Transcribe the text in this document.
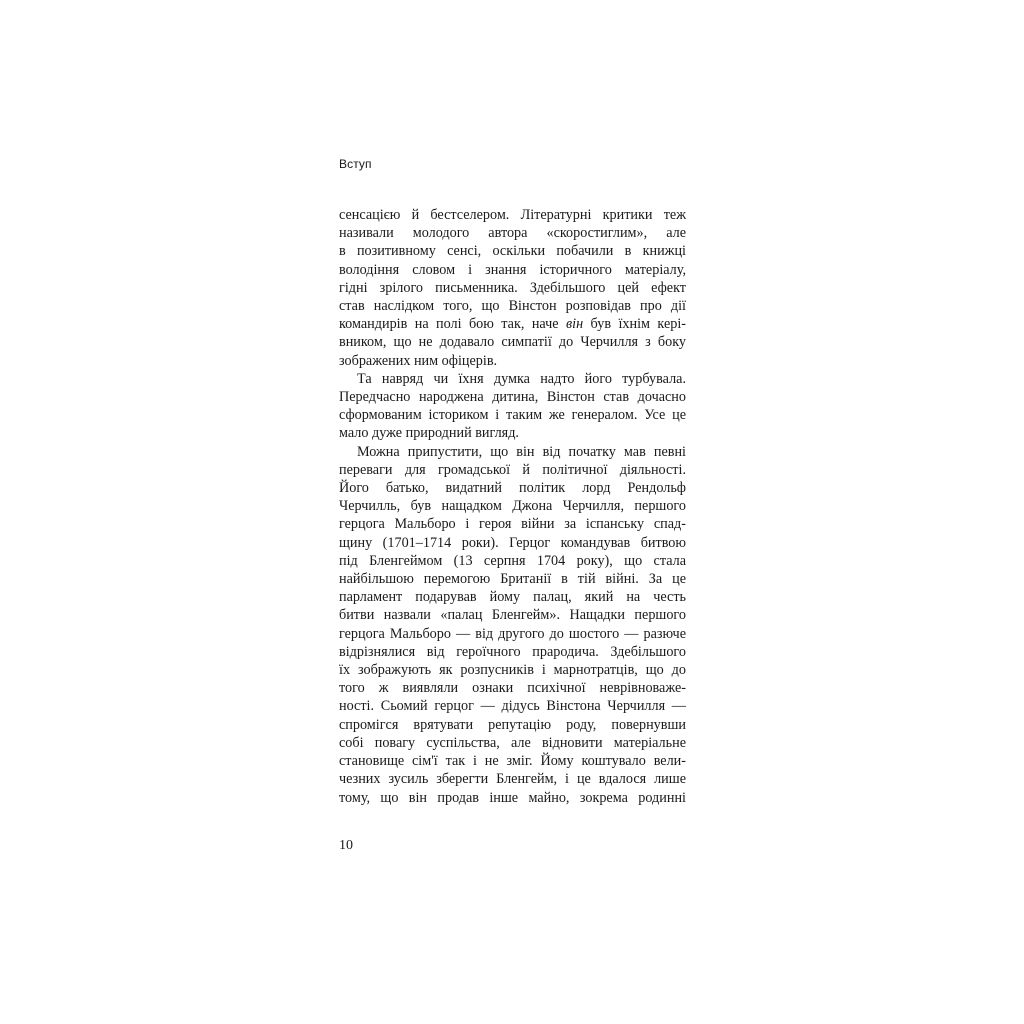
Вступ
сенсацією й бестселером. Літературні критики теж
називали молодого автора «скоростиглим», але
в позитивному сенсі, оскільки побачили в книжці
володіння словом і знання історичного матеріалу,
гідні зрілого письменника. Здебільшого цей ефект
став наслідком того, що Вінстон розповідав про дії
командирів на полі бою так, наче він був їхнім кері-
вником, що не додавало симпатії до Черчилля з боку
зображених ним офіцерів.
Та навряд чи їхня думка надто його турбувала.
Передчасно народжена дитина, Вінстон став дочасно
сформованим істориком і таким же генералом. Усе це
мало дуже природний вигляд.
Можна припустити, що він від початку мав певні
переваги для громадської й політичної діяльності.
Його батько, видатний політик лорд Рендольф
Черчилль, був нащадком Джона Черчилля, першого
герцога Мальборо і героя війни за іспанську спад-
щину (1701–1714 роки). Герцог командував битвою
під Бленгеймом (13 серпня 1704 року), що стала
найбільшою перемогою Британії в тій війні. За це
парламент подарував йому палац, який на честь
битви назвали «палац Бленгейм». Нащадки першого
герцога Мальборо — від другого до шостого — разюче
відрізнялися від героїчного прародича. Здебільшого
їх зображують як розпусників і марнотратців, що до
того ж виявляли ознаки психічної неврівноваже-
ності. Сьомий герцог — дідусь Вінстона Черчилля —
спромігся врятувати репутацію роду, повернувши
собі повагу суспільства, але відновити матеріальне
становище сім'ї так і не зміг. Йому коштувало вели-
чезних зусиль зберегти Бленгейм, і це вдалося лише
тому, що він продав інше майно, зокрема родинні
10
